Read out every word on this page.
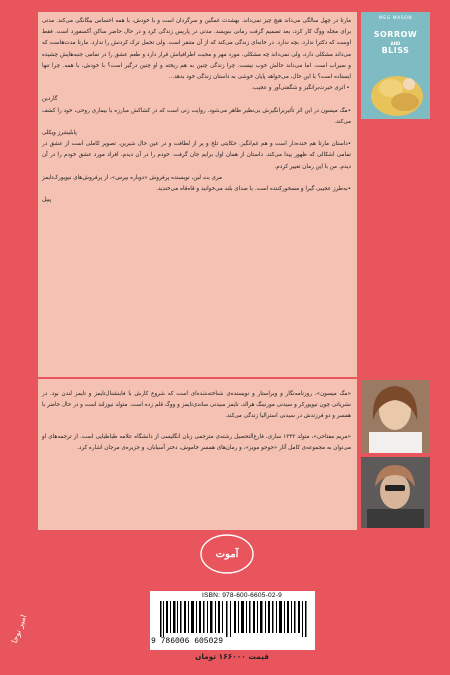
مارتا در چهل سالگی می‌داند هیچ چیز نمی‌داند. بهشدت غمگین و سرگردان است و با خودش، با همه احساس بیگانگی می‌کند. مدتی برای مجله ووگ کار کرد، بعد تصمیم گرفت رمانی بنویسد. مدتی در پاریس زندگی کرد و در حال حاضر ساکن آکسفورد است. فقط اوست که دکترا ندارد. بچه ندارد. در خانه‌ای زندگی می‌کند که از آن متنفر است. ولی تحمل ترک کردنش را ندارد. مارتا مدت‌هاست که می‌داند مشکلی دارد، ولی نمی‌داند چه مشکلی. مورد مهر و محبت اطرافیانش قرار دارد و طعم عشق را در تمامی جنبه‌هایش چشیده و سیراب است. اما می‌داند حالش خوب نیست. چرا زندگی چنین به هم ریخته و او چنین درگیر است؟ با خودش، با همه. چرا تنها ایستاده است؟ با این حال، می‌خواهد پایان خوشی به داستان زندگی خود بدهد...

•اثری حیرت‌برانگیز و شگفتی‌آور و عجیب.

گاردین

•مگ میسون در این اثر تأثیربرانگیزش بی‌نظیر ظاهر می‌شود. روایت زنی است که در کشاکش مبارزه با بیماری روحی، خود را کشف می‌کند.

پابلیشرز ویکلی

•داستان مارتا هم خنده‌دار است و هم غم‌انگیز. حکایتی تلخ و پر از لطافت و در عین حال شیرین. تصویر کاملی است از عشق در تمامی اشکالی که ظهور پیدا می‌کند. داستان از همان اول برایم جان گرفت. خودم را در آن دیدم، افراد مورد عشق خودم را در آن دیدم. من با این رمان تغییر کردم.

مری بث لین، نویسنده پرفروش «دوباره بپرس»، از پرفروش‌های نیویورک‌تایمز

•به‌طرز عجیبی گیرا و مسحورکننده است. با صدای بلند می‌خوانید و قاه‌قاه می‌خندید.

پیپل

MEG MASON
SORROW
AND
BLISS

«مگ میسون»، روزنامه‌نگار و ویراستار و نویسنده‌ی شناخته‌شده‌ای است که شروع کارش با فاینشنال‌تایمز و تایمز لندن بود. در نشریاتی چون نیویورکر و سیدنی مورنینگ هرالد، تایمز سیدنی ساندی‌تایمز و ووگ قلم زده است. متولد نیوزلند است و در حال حاضر با همسر و دو فرزندش در سیدنی استرالیا زندگی می‌کند.

«مریم مفتاحی»، متولد ۱۳۴۳ ساری، فارغ‌التحصیل رشته‌ی مترجمی زبان انگلیسی از دانشگاه علامه طباطبایی است. از ترجمه‌های او می‌توان به مجموعه‌ی کامل آثار «جوجو مویز»، و رمان‌های همسر خاموش، دختر آسیابان، و جزیره‌ی مرجان اشاره کرد.

آموت
امیر نوحا
ISBN: 978-600-6605-02-9
9 786006 605029
قیمت ۱۶۶۰۰۰ تومان
